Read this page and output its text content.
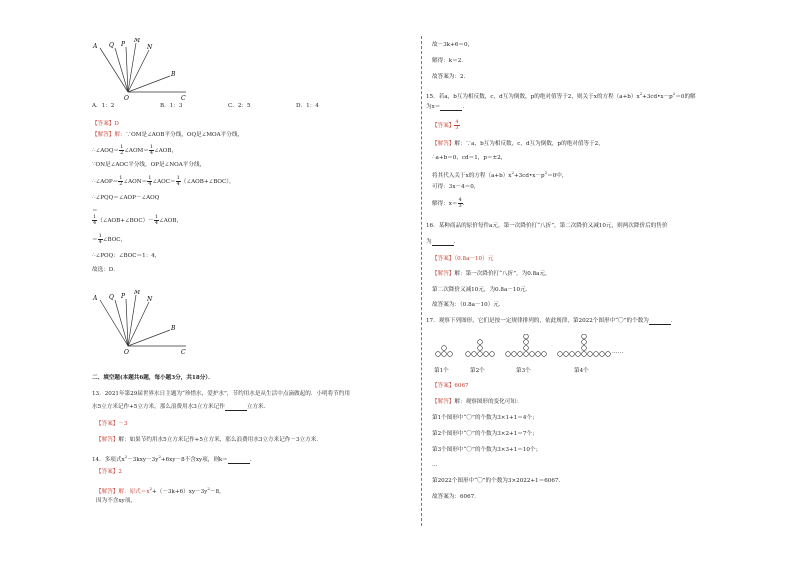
A Q P
M
N
B
O	C
A．1：2	B．1：3	C．2：5	D．1：4
【答案】D
【解答】解：∵OM是∠AOB平分线，OQ是∠MOA平分线，
∴∠AOQ＝ $\frac{1}{2}$ ∠AOM＝ $\frac{1}{4}$ ∠AOB，
∵ON是∠AOC平分线，OP是∠NOA平分线，
∴∠AOP＝ $\frac{1}{2}$ ∠AON＝ $\frac{1}{4}$ ∠AOC＝ $\frac{1}{4}$ （∠AOB+∠BOC），
∴∠PQQ＝∠AOP－∠AOQ
＝
$\frac{1}{4}$ （∠AOB+∠BOC）－ $\frac{1}{4}$ ∠AOB，
＝ $\frac{1}{4}$ ∠BOC，
∴∠POQ：∠BOC＝1：4，
故选：D．
A Q P
M
N
B
O	C
二、填空题(本题共6题，每小题3分，共18分）．
13．2021年第29届世界水日主题为“珍惜水，爱护水”，节约用水是从生活中点滴做起的．小明将节约用
水5立方米记作+5立方米，那么浪费用水3立方米记作	立方米．
【答案】－3
【解答】解：如果节约用水5立方米记作+5立方米，那么浪费用水3立方米记作－3立方米．
14．多项式$x^2-3kxy-3y^2+6xy-8$不含xy项，则k＝	．
【答案】2
【解答】解：原式$=x^2+(-3k+6)xy-3y^2-8$，
因为不含xy项，
故－3k+6＝0，
解得：k＝2．
故答案为：2．
15．若a，b互为相反数，c，d互为倒数，p的绝对值等于2，则关于x的方程$(a+b)x^2+3cd•x-p^2=0$的解
为x＝	．
【答案】 $\frac{4}{3}$
【解答】解：∵a，b互为相反数，c，d互为倒数，p的绝对值等于2，
∴a+b＝0，cd＝1，p＝±2，
将其代入关于x的方程$(a+b)x^2+3cd•x-p^2=0$中，
可得：3x－4＝0，
解得：$x= \frac{4}{3}$ ．
16．某种商品的原价每件a元，第一次降价打“八折”，第二次降价又减10元，则两次降价后的售价
为	．
【答案】（0.8a－10）元
【解答】解：第一次降价打“八折”，为0.8a元，
第二次降价又减10元，为0.8a－10元．
故答案为：（0.8a－10）元．
17．观察下列图形，它们是按一定规律排列的，依此规律，第2022个图形中“〇”的个数为	．
……
第1个	第2个	第3个	第4个
【答案】6067
【解答】解：观察图形的变化可知：
第1个图形中“〇”的个数为3×1+1＝4个；
第2个图形中“〇”的个数为3×2+1＝7个；
第3个图形中“〇”的个数为3×3+1＝10个；
…
第2022个图形中“〇”的个数为3×2022+1＝6067．
故答案为：6067．
